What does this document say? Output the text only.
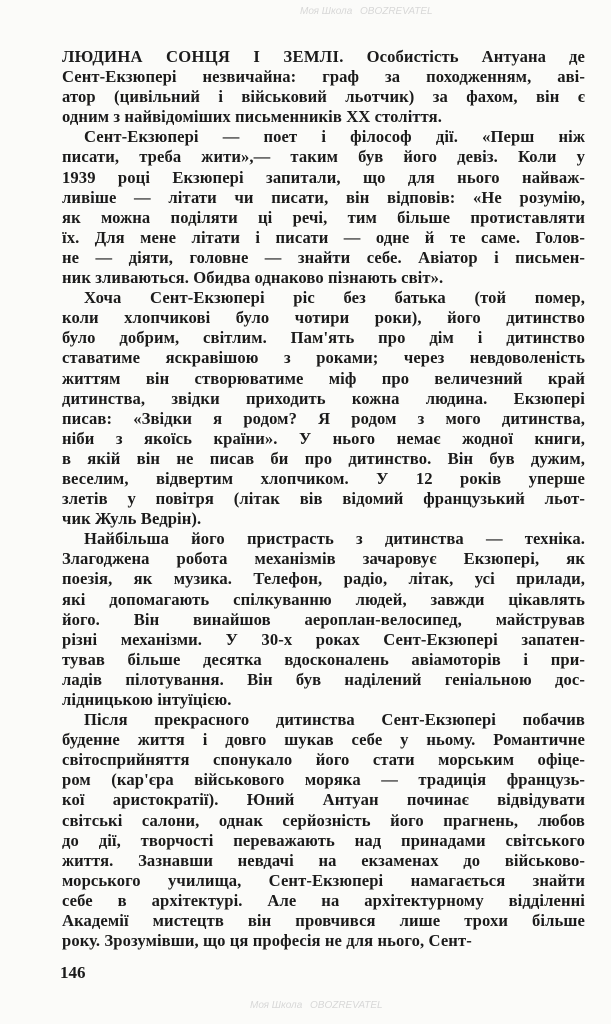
Моя Школа OBOZREVATEL
Моя Школа OBOZREVATEL
ЛЮДИНА СОНЦЯ І ЗЕМЛІ. Особистість Антуана де
Сент-Екзюпері незвичайна: граф за походженням, аві-
атор (цивільний і військовий льотчик) за фахом, він є
одним з найвідоміших письменників XX століття.
Сент-Екзюпері — поет і філософ дії. «Перш ніж
писати, треба жити»,— таким був його девіз. Коли у
1939 році Екзюпері запитали, що для нього найваж-
ливіше — літати чи писати, він відповів: «Не розумію,
як можна поділяти ці речі, тим більше протиставляти
їх. Для мене літати і писати — одне й те саме. Голов-
не — діяти, головне — знайти себе. Авіатор і письмен-
ник зливаються. Обидва однаково пізнають світ».
Хоча Сент-Екзюпері ріс без батька (той помер,
коли хлопчикові було чотири роки), його дитинство
було добрим, світлим. Пам'ять про дім і дитинство
ставатиме яскравішою з роками; через невдоволеність
життям він створюватиме міф про величезний край
дитинства, звідки приходить кожна людина. Екзюпері
писав: «Звідки я родом? Я родом з мого дитинства,
ніби з якоїсь країни». У нього немає жодної книги,
в якій він не писав би про дитинство. Він був дужим,
веселим, відвертим хлопчиком. У 12 років уперше
злетів у повітря (літак вів відомий французький льот-
чик Жуль Ведрін).
Найбільша його пристрасть з дитинства — техніка.
Злагоджена робота механізмів зачаровує Екзюпері, як
поезія, як музика. Телефон, радіо, літак, усі прилади,
які допомагають спілкуванню людей, завжди цікавлять
його. Він винайшов аероплан-велосипед, майстрував
різні механізми. У 30-х роках Сент-Екзюпері запатен-
тував більше десятка вдосконалень авіамоторів і при-
ладів пілотування. Він був наділений геніальною дос-
лідницькою інтуїцією.
Після прекрасного дитинства Сент-Екзюпері побачив
буденне життя і довго шукав себе у ньому. Романтичне
світосприйняття спонукало його стати морським офіце-
ром (кар'єра військового моряка — традиція французь-
кої аристократії). Юний Антуан починає відвідувати
світські салони, однак серйозність його прагнень, любов
до дії, творчості переважають над принадами світського
життя. Зазнавши невдачі на екзаменах до військово-
морського училища, Сент-Екзюпері намагається знайти
себе в архітектурі. Але на архітектурному відділенні
Академії мистецтв він провчився лише трохи більше
року. Зрозумівши, що ця професія не для нього, Сент-
146
